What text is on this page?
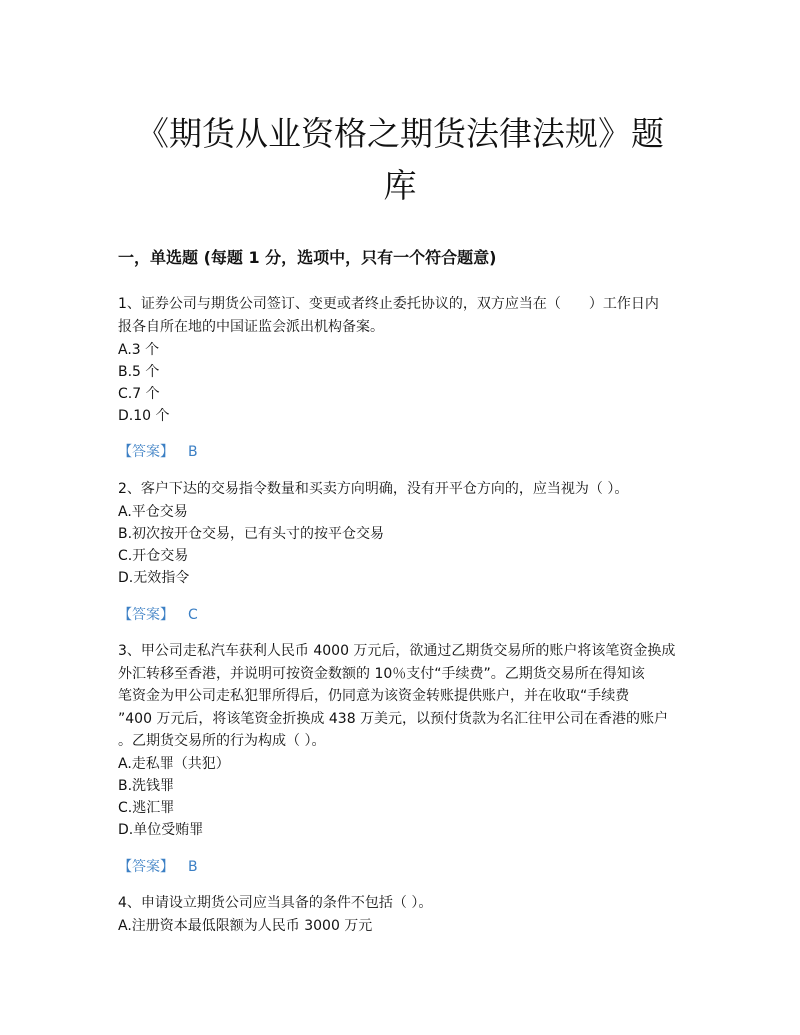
《期货从业资格之期货法律法规》题
库
一，单选题 (每题 1 分，选项中，只有一个符合题意)
1、证券公司与期货公司签订、变更或者终止委托协议的，双方应当在（　　）工作日内
报各自所在地的中国证监会派出机构备案。
A.3 个
B.5 个
C.7 个
D.10 个
【答案】 B
2、客户下达的交易指令数量和买卖方向明确，没有开平仓方向的，应当视为（ ）。
A.平仓交易
B.初次按开仓交易，已有头寸的按平仓交易
C.开仓交易
D.无效指令
【答案】 C
3、甲公司走私汽车获利人民币 4000 万元后，欲通过乙期货交易所的账户将该笔资金换成
外汇转移至香港，并说明可按资金数额的 10％支付“手续费”。乙期货交易所在得知该
笔资金为甲公司走私犯罪所得后，仍同意为该资金转账提供账户，并在收取“手续费
”400 万元后，将该笔资金折换成 438 万美元，以预付货款为名汇往甲公司在香港的账户
。乙期货交易所的行为构成（ ）。
A.走私罪（共犯）
B.洗钱罪
C.逃汇罪
D.单位受贿罪
【答案】 B
4、申请设立期货公司应当具备的条件不包括（ ）。
A.注册资本最低限额为人民币 3000 万元
